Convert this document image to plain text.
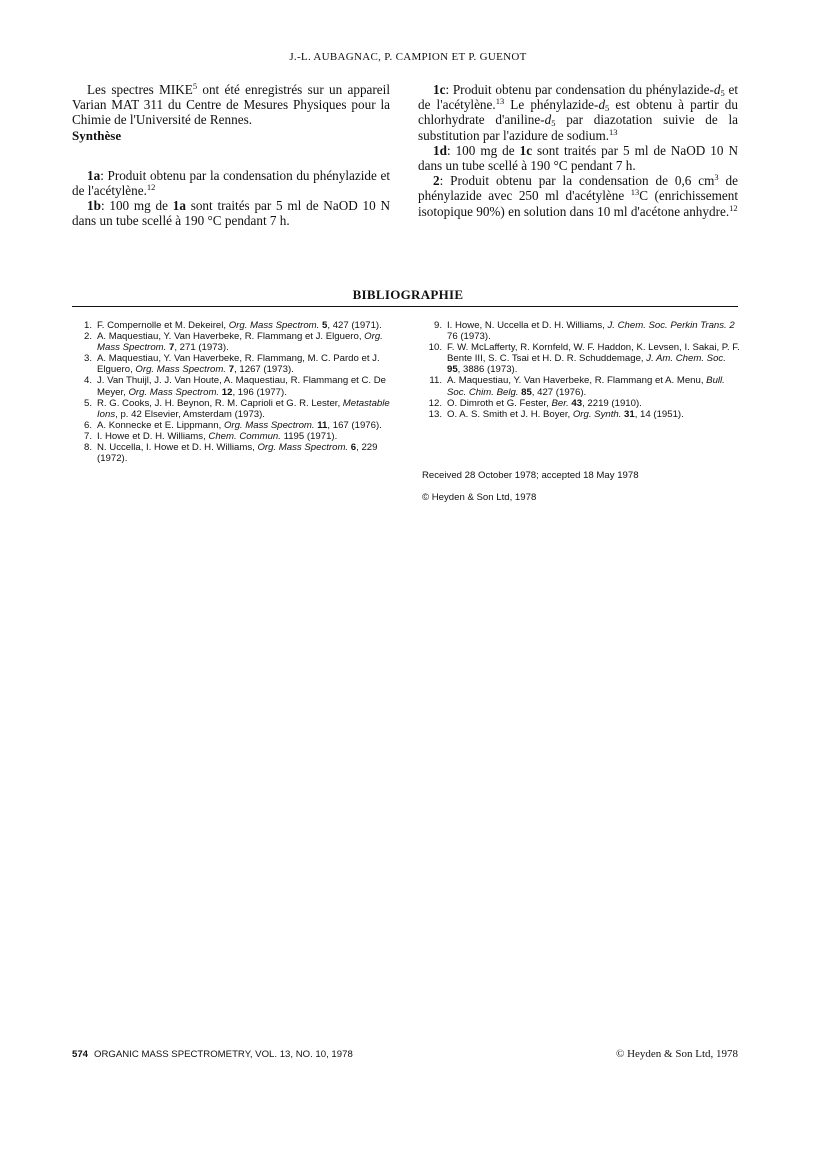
J.-L. AUBAGNAC, P. CAMPION ET P. GUENOT

Les spectres MIKE$^5$ ont été enregistrés sur un appareil Varian MAT 311 du Centre de Mesures Physiques pour la Chimie de l'Université de Rennes.

Synthèse

1a: Produit obtenu par la condensation du phénylazide et de l'acétylène.$^{12}$

1b: 100 mg de 1a sont traités par 5 ml de NaOD 10 N dans un tube scellé à 190 °C pendant 7 h.

1c: Produit obtenu par condensation du phénylazide-$d_5$ et de l'acétylène.$^{13}$ Le phénylazide-$d_5$ est obtenu à partir du chlorhydrate $d'aniline-d_5$ par diazotation suivie de la substitution par l'azidure de sodium.$^{13}$

1d: 100 mg de 1c sont traités par 5 ml de NaOD 10 N dans un tube scellé à 190 °C pendant 7 h.

2: Produit obtenu par la condensation de 0,6 $cm^3$ de phénylazide avec 250 ml d'acétylène $^{13}$C (enrichissement isotopique 90%) en solution dans 10 ml d'acétone anhydre.$^{12}$

BIBLIOGRAPHIE
1. F. Compernolle et M. Dekeirel, Org. Mass Spectrom. 5, 427 (1971).
2. A. Maquestiau, Y. Van Haverbeke, R. Flammang et J. Elguero, Org. Mass Spectrom. 7, 271 (1973).
3. A. Maquestiau, Y. Van Haverbeke, R. Flammang, M. C. Pardo et J. Elguero, Org. Mass Spectrom. 7, 1267 (1973).
4. J. Van Thuijl, J. J. Van Houte, A. Maquestiau, R. Flammang et C. De Meyer, Org. Mass Spectrom. 12, 196 (1977).
5. R. G. Cooks, J. H. Beynon, R. M. Caprioli et G. R. Lester, Metastable Ions, p. 42 Elsevier, Amsterdam (1973).
6. A. Konnecke et E. Lippmann, Org. Mass Spectrom. 11, 167 (1976).
7. I. Howe et D. H. Williams, Chem. Commun. 1195 (1971).
8. N. Uccella, I. Howe et D. H. Williams, Org. Mass Spectrom. 6, 229 (1972).
9. I. Howe, N. Uccella et D. H. Williams, J. Chem. Soc. Perkin Trans. 2 76 (1973).
10. F. W. McLafferty, R. Kornfeld, W. F. Haddon, K. Levsen, I. Sakai, P. F. Bente III, S. C. Tsai et H. D. R. Schuddemage, J. Am. Chem. Soc. 95, 3886 (1973).
11. A. Maquestiau, Y. Van Haverbeke, R. Flammang et A. Menu, Bull. Soc. Chim. Belg. 85, 427 (1976).
12. O. Dimroth et G. Fester, Ber. 43, 2219 (1910).
13. O. A. S. Smith et J. H. Boyer, Org. Synth. 31, 14 (1951).
Received 28 October 1978; accepted 18 May 1978
© Heyden & Son Ltd, 1978
574 ORGANIC MASS SPECTROMETRY, VOL. 13, NO. 10, 1978	© Heyden & Son Ltd, 1978
